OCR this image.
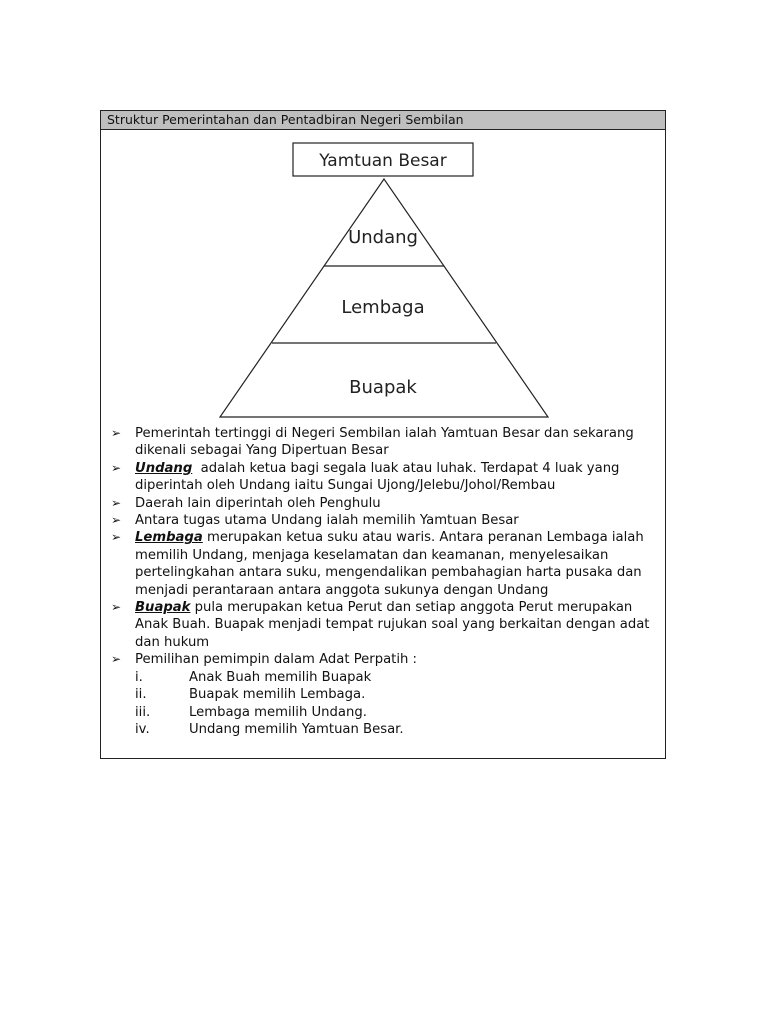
Struktur Pemerintahan dan Pentadbiran Negeri Sembilan
Yamtuan Besar
Undang
Lembaga
Buapak
➢ Pemerintah tertinggi di Negeri Sembilan ialah Yamtuan Besar dan sekarang dikenali sebagai Yang Dipertuan Besar
➢ Undang  adalah ketua bagi segala luak atau luhak. Terdapat 4 luak yang diperintah oleh Undang iaitu Sungai Ujong/Jelebu/Johol/Rembau
➢ Daerah lain diperintah oleh Penghulu
➢ Antara tugas utama Undang ialah memilih Yamtuan Besar
➢ Lembaga merupakan ketua suku atau waris. Antara peranan Lembaga ialah memilih Undang, menjaga keselamatan dan keamanan, menyelesaikan pertelingkahan antara suku, mengendalikan pembahagian harta pusaka dan menjadi perantaraan antara anggota sukunya dengan Undang
➢ Buapak pula merupakan ketua Perut dan setiap anggota Perut merupakan Anak Buah. Buapak menjadi tempat rujukan soal yang berkaitan dengan adat dan hukum
➢ Pemilihan pemimpin dalam Adat Perpatih :
i.	Anak Buah memilih Buapak
ii.	Buapak memilih Lembaga.
iii.	Lembaga memilih Undang.
iv.	Undang memilih Yamtuan Besar.
